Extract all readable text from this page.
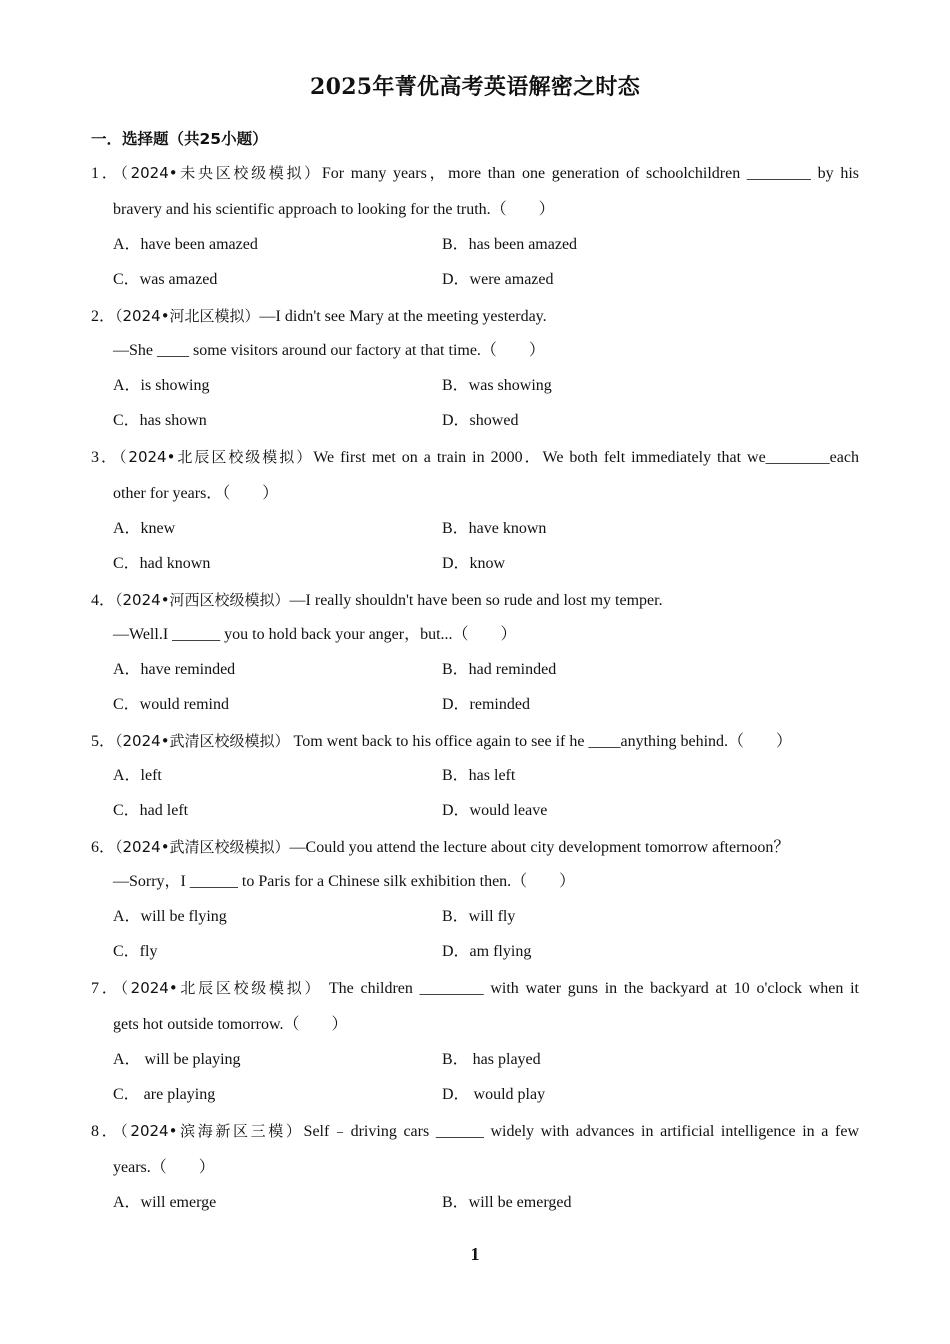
2025年菁优高考英语解密之时态
一．选择题（共25小题）
1．（2024•未央区校级模拟）For many years，more than one generation of schoolchildren ________ by his
bravery and his scientific approach to looking for the truth.（　　）
A．have been amazed	B．has been amazed
C．was amazed	D．were amazed
2．（2024•河北区模拟）—I didn't see Mary at the meeting yesterday.
—She ____ some visitors around our factory at that time.（　　）
A．is showing	B．was showing
C．has shown	D．showed
3．（2024•北辰区校级模拟）We first met on a train in 2000．We both felt immediately that we________each
other for years．（　　）
A．knew	B．have known
C．had known	D．know
4．（2024•河西区校级模拟）—I really shouldn't have been so rude and lost my temper.
—Well.I ______ you to hold back your anger，but...（　　）
A．have reminded	B．had reminded
C．would remind	D．reminded
5．（2024•武清区校级模拟） Tom went back to his office again to see if he ____anything behind.（　　）
A．left	B．has left
C．had left	D．would leave
6．（2024•武清区校级模拟）—Could you attend the lecture about city development tomorrow afternoon？
—Sorry，I ______ to Paris for a Chinese silk exhibition then.（　　）
A．will be flying	B．will fly
C．fly	D．am flying
7．（2024•北辰区校级模拟） The children ________ with water guns in the backyard at 10 o'clock when it
gets hot outside tomorrow.（　　）
A． will be playing	B． has played
C． are playing	D． would play
8．（2024•滨海新区三模）Self﹣driving cars ______ widely with advances in artificial intelligence in a few
years.（　　）
A．will emerge	B．will be emerged
1
